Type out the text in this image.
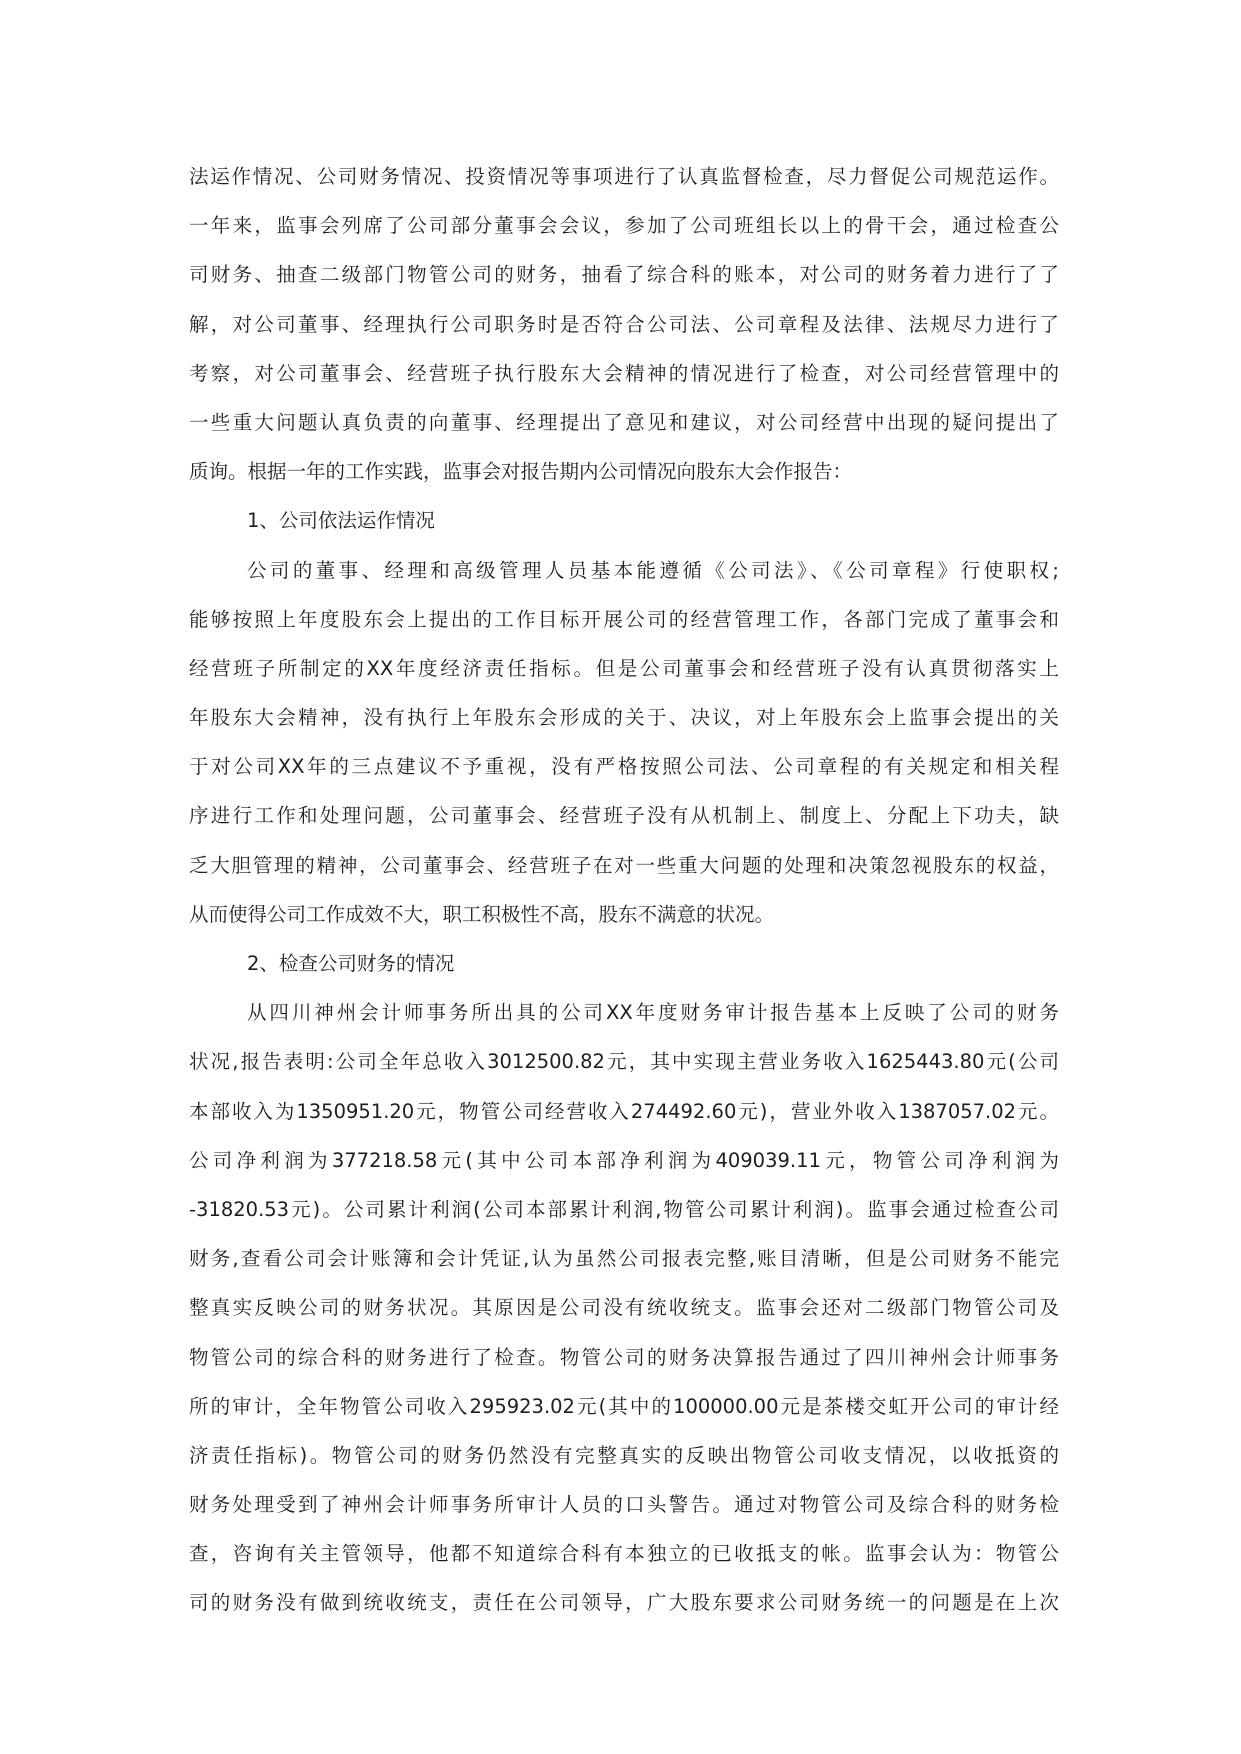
法运作情况、公司财务情况、投资情况等事项进行了认真监督检查，尽力督促公司规范运作。
一年来，监事会列席了公司部分董事会会议，参加了公司班组长以上的骨干会，通过检查公
司财务、抽查二级部门物管公司的财务，抽看了综合科的账本，对公司的财务着力进行了了
解，对公司董事、经理执行公司职务时是否符合公司法、公司章程及法律、法规尽力进行了
考察，对公司董事会、经营班子执行股东大会精神的情况进行了检查，对公司经营管理中的
一些重大问题认真负责的向董事、经理提出了意见和建议，对公司经营中出现的疑问提出了
质询。根据一年的工作实践，监事会对报告期内公司情况向股东大会作报告：
1、公司依法运作情况
公司的董事、经理和高级管理人员基本能遵循《公司法》、《公司章程》行使职权;
能够按照上年度股东会上提出的工作目标开展公司的经营管理工作，各部门完成了董事会和
经营班子所制定的XX年度经济责任指标。但是公司董事会和经营班子没有认真贯彻落实上
年股东大会精神，没有执行上年股东会形成的关于、决议，对上年股东会上监事会提出的关
于对公司XX年的三点建议不予重视，没有严格按照公司法、公司章程的有关规定和相关程
序进行工作和处理问题，公司董事会、经营班子没有从机制上、制度上、分配上下功夫，缺
乏大胆管理的精神，公司董事会、经营班子在对一些重大问题的处理和决策忽视股东的权益，
从而使得公司工作成效不大，职工积极性不高，股东不满意的状况。
2、检查公司财务的情况
从四川神州会计师事务所出具的公司XX年度财务审计报告基本上反映了公司的财务
状况,报告表明:公司全年总收入3012500.82元，其中实现主营业务收入1625443.80元(公司
本部收入为1350951.20元，物管公司经营收入274492.60元)，营业外收入1387057.02元。
公司净利润为377218.58元(其中公司本部净利润为409039.11元，物管公司净利润为
-31820.53元)。公司累计利润(公司本部累计利润,物管公司累计利润)。监事会通过检查公司
财务,查看公司会计账簿和会计凭证,认为虽然公司报表完整,账目清晰，但是公司财务不能完
整真实反映公司的财务状况。其原因是公司没有统收统支。监事会还对二级部门物管公司及
物管公司的综合科的财务进行了检查。物管公司的财务决算报告通过了四川神州会计师事务
所的审计，全年物管公司收入295923.02元(其中的100000.00元是茶楼交虹开公司的审计经
济责任指标)。物管公司的财务仍然没有完整真实的反映出物管公司收支情况，以收抵资的
财务处理受到了神州会计师事务所审计人员的口头警告。通过对物管公司及综合科的财务检
查，咨询有关主管领导，他都不知道综合科有本独立的已收抵支的帐。监事会认为：物管公
司的财务没有做到统收统支，责任在公司领导，广大股东要求公司财务统一的问题是在上次
